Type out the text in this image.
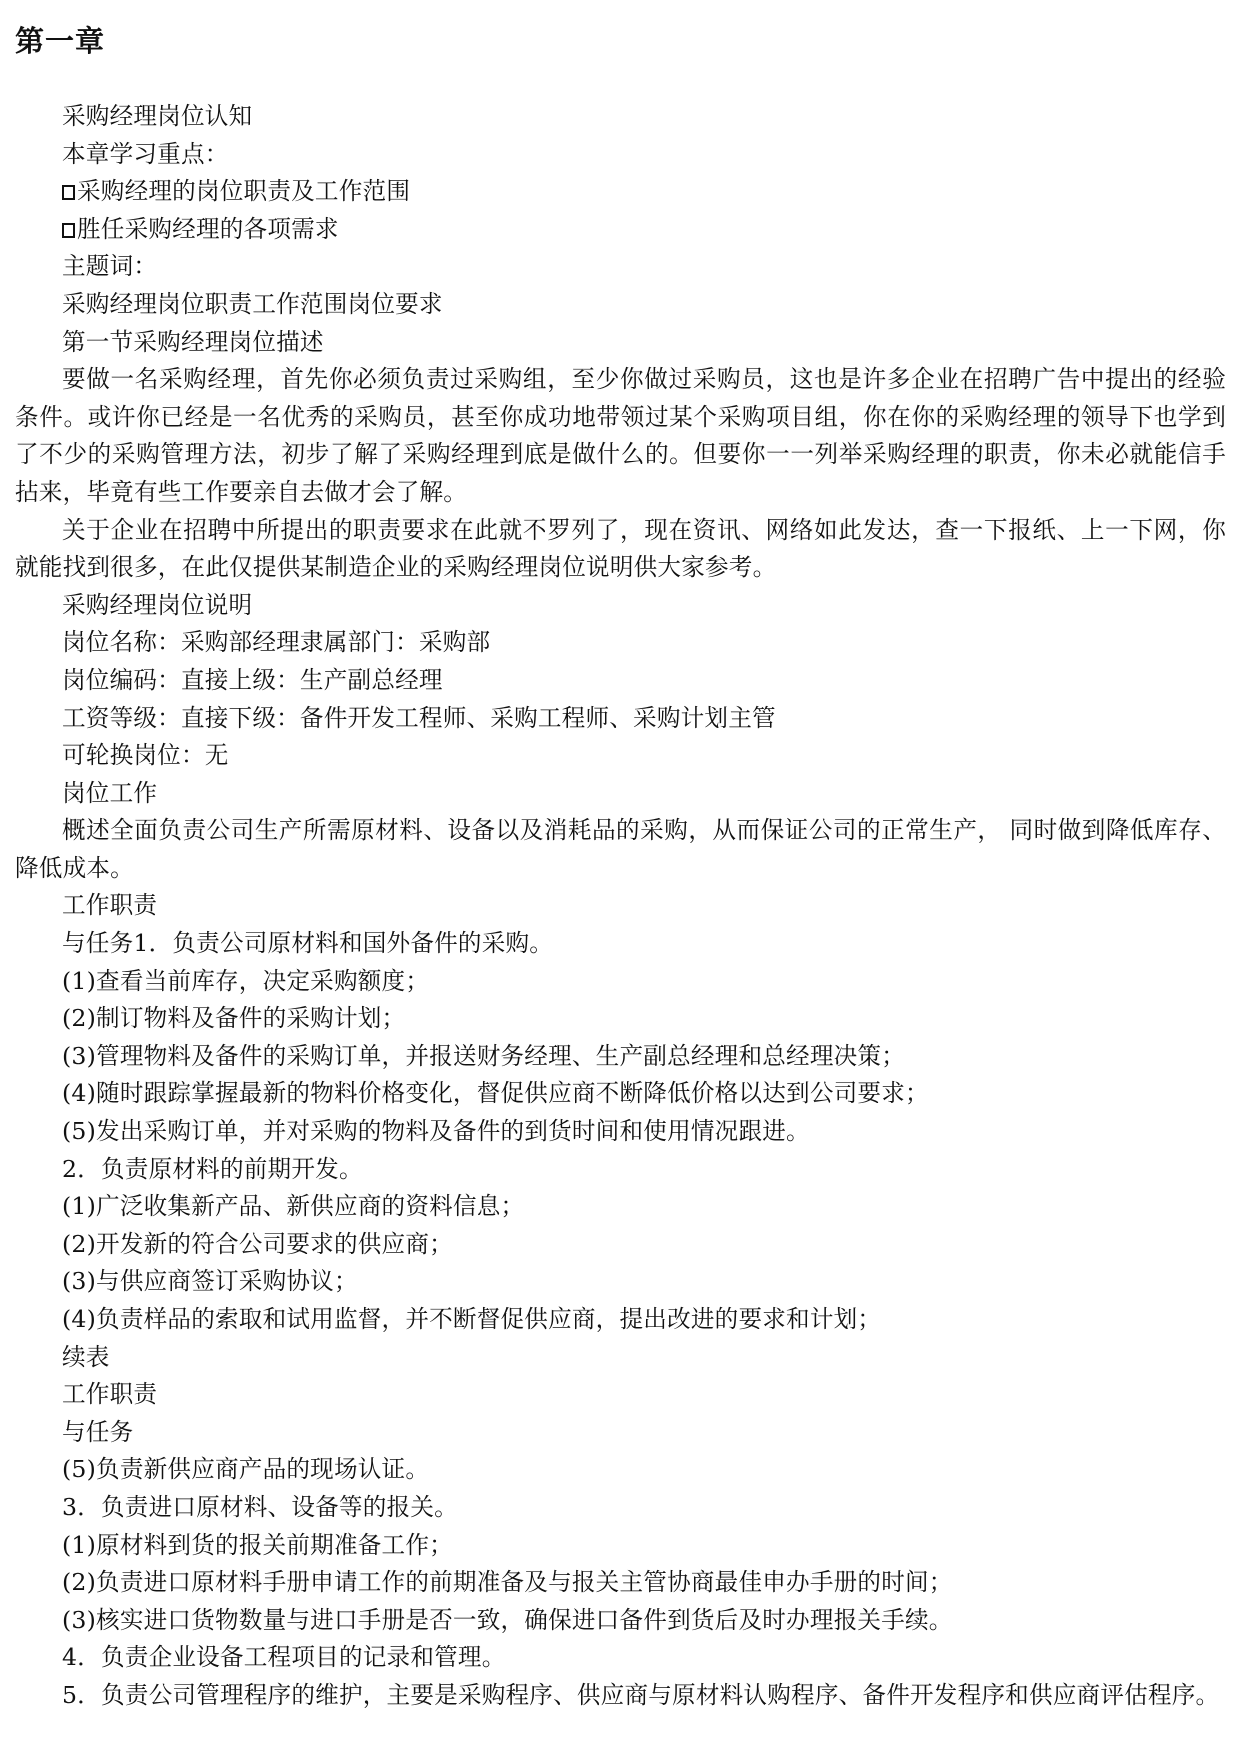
第一章

采购经理岗位认知

本章学习重点：

采购经理的岗位职责及工作范围
胜任采购经理的各项需求

主题词：

采购经理岗位职责工作范围岗位要求

第一节采购经理岗位描述

要做一名采购经理，首先你必须负责过采购组，至少你做过采购员，这也是许多企业在招聘广告中提出的经验条件。或许你已经是一名优秀的采购员，甚至你成功地带领过某个采购项目组，你在你的采购经理的领导下也学到了不少的采购管理方法，初步了解了采购经理到底是做什么的。但要你一一列举采购经理的职责，你未必就能信手拈来，毕竟有些工作要亲自去做才会了解。

关于企业在招聘中所提出的职责要求在此就不罗列了，现在资讯、网络如此发达，查一下报纸、上一下网，你就能找到很多，在此仅提供某制造企业的采购经理岗位说明供大家参考。

采购经理岗位说明

岗位名称：采购部经理隶属部门：采购部

岗位编码：直接上级：生产副总经理

工资等级：直接下级：备件开发工程师、采购工程师、采购计划主管

可轮换岗位：无

岗位工作

概述全面负责公司生产所需原材料、设备以及消耗品的采购，从而保证公司的正常生产， 同时做到降低库存、降低成本。

工作职责

与任务1．负责公司原材料和国外备件的采购。

(1)查看当前库存，决定采购额度；

(2)制订物料及备件的采购计划；

(3)管理物料及备件的采购订单，并报送财务经理、生产副总经理和总经理决策；

(4)随时跟踪掌握最新的物料价格变化，督促供应商不断降低价格以达到公司要求；

(5)发出采购订单，并对采购的物料及备件的到货时间和使用情况跟进。

2．负责原材料的前期开发。

(1)广泛收集新产品、新供应商的资料信息；

(2)开发新的符合公司要求的供应商；

(3)与供应商签订采购协议；

(4)负责样品的索取和试用监督，并不断督促供应商，提出改进的要求和计划；

续表

工作职责

与任务

(5)负责新供应商产品的现场认证。

3．负责进口原材料、设备等的报关。

(1)原材料到货的报关前期准备工作；

(2)负责进口原材料手册申请工作的前期准备及与报关主管协商最佳申办手册的时间；

(3)核实进口货物数量与进口手册是否一致，确保进口备件到货后及时办理报关手续。

4．负责企业设备工程项目的记录和管理。

5．负责公司管理程序的维护，主要是采购程序、供应商与原材料认购程序、备件开发程序和供应商评估程序。
